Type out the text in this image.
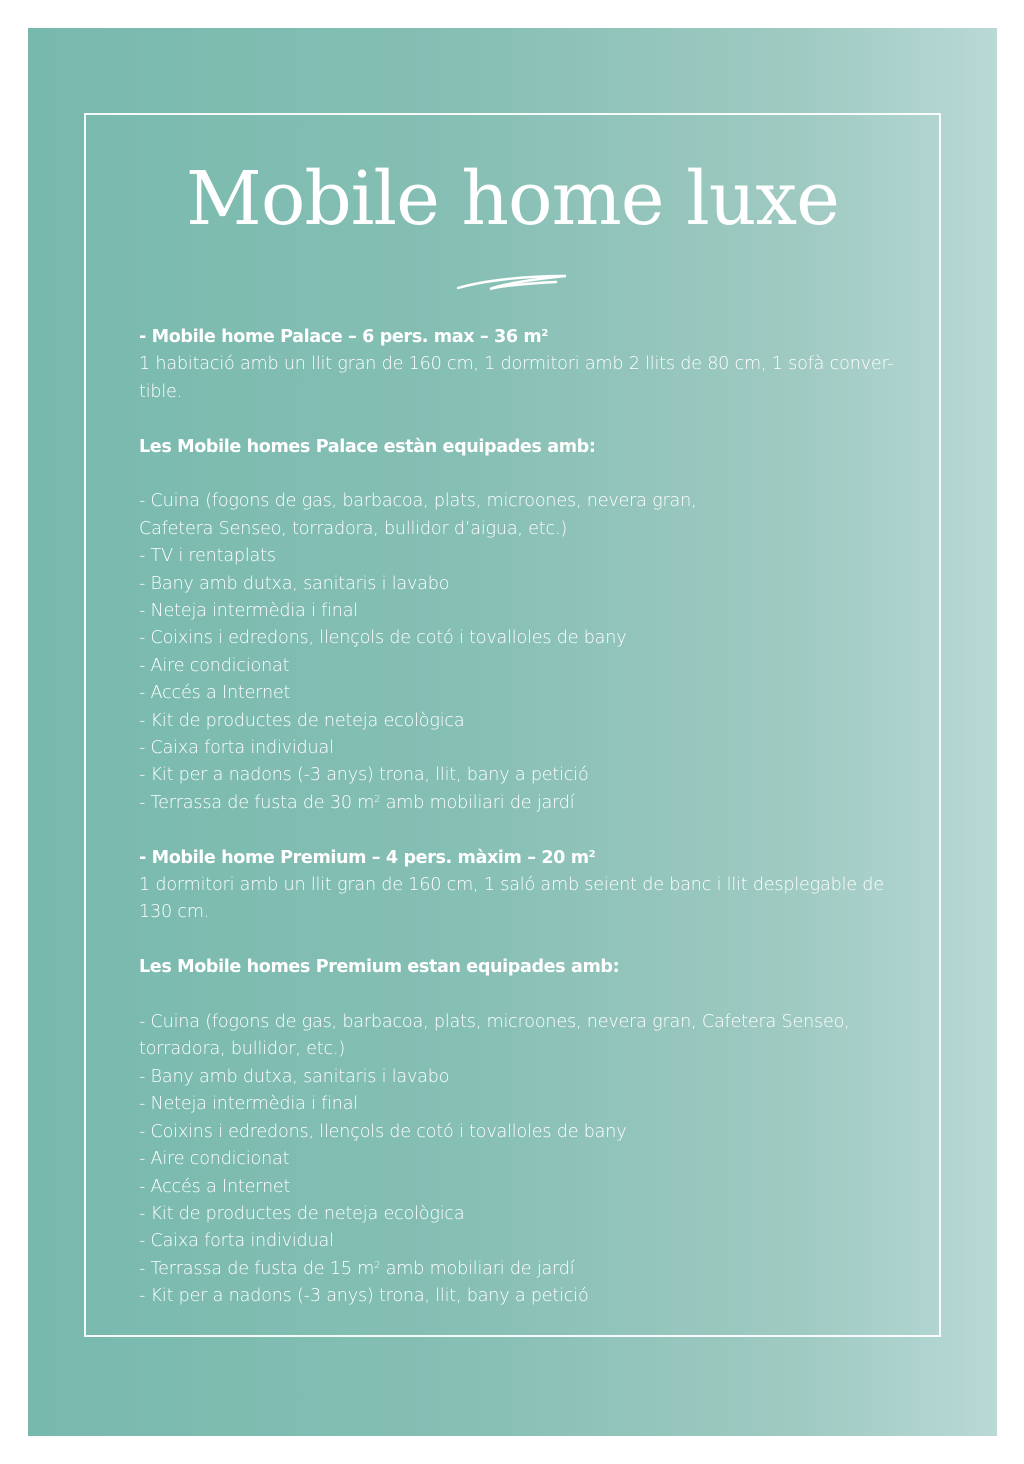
Mobile home luxe
- Mobile home Palace – 6 pers. max – 36 $m^2$
1 habitació amb un llit gran de 160 cm, 1 dormitori amb 2 llits de 80 cm, 1 sofà conver-tible.
Les Mobile homes Palace estàn equipades amb:
- Cuina (fogons de gas, barbacoa, plats, microones, nevera gran,
Cafetera Senseo, torradora, bullidor d’aigua, etc.)
- TV i rentaplats
- Bany amb dutxa, sanitaris i lavabo
- Neteja intermèdia i final
- Coixins i edredons, llençols de cotó i tovalloles de bany
- Aire condicionat
- Accés a Internet
- Kit de productes de neteja ecològica
- Caixa forta individual
- Kit per a nadons (-3 anys) trona, llit, bany a petició
- Terrassa de fusta de 30 $m^2$ amb mobiliari de jardí
- Mobile home Premium – 4 pers. màxim – 20 $m^2$
1 dormitori amb un llit gran de 160 cm, 1 saló amb seient de banc i llit desplegable de 130 cm.
Les Mobile homes Premium estan equipades amb:
- Cuina (fogons de gas, barbacoa, plats, microones, nevera gran, Cafetera Senseo, torradora, bullidor, etc.)
- Bany amb dutxa, sanitaris i lavabo
- Neteja intermèdia i final
- Coixins i edredons, llençols de cotó i tovalloles de bany
- Aire condicionat
- Accés a Internet
- Kit de productes de neteja ecològica
- Caixa forta individual
- Terrassa de fusta de 15 $m^2$ amb mobiliari de jardí
- Kit per a nadons (-3 anys) trona, llit, bany a petició
